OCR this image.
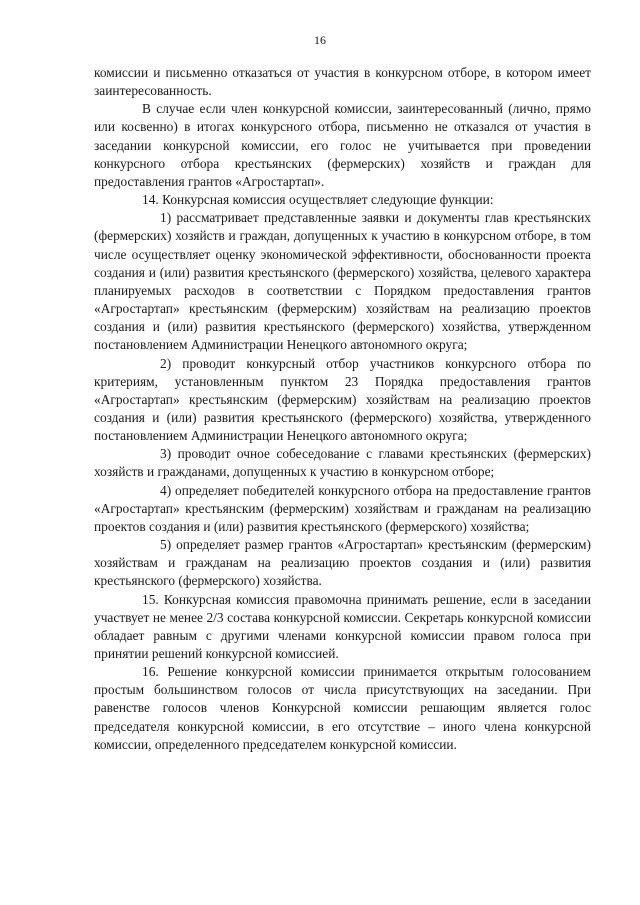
16

комиссии и письменно отказаться от участия в конкурсном отборе, в котором имеет заинтересованность.

В случае если член конкурсной комиссии, заинтересованный (лично, прямо или косвенно) в итогах конкурсного отбора, письменно не отказался от участия в заседании конкурсной комиссии, его голос не учитывается при проведении конкурсного отбора крестьянских (фермерских) хозяйств и граждан для предоставления грантов «Агростартап».

14. Конкурсная комиссия осуществляет следующие функции:

1) рассматривает представленные заявки и документы глав крестьянских (фермерских) хозяйств и граждан, допущенных к участию в конкурсном отборе, в том числе осуществляет оценку экономической эффективности, обоснованности проекта создания и (или) развития крестьянского (фермерского) хозяйства, целевого характера планируемых расходов в соответствии с Порядком предоставления грантов «Агростартап» крестьянским (фермерским) хозяйствам на реализацию проектов создания и (или) развития крестьянского (фермерского) хозяйства, утвержденном постановлением Администрации Ненецкого автономного округа;

2) проводит конкурсный отбор участников конкурсного отбора по критериям, установленным пунктом 23 Порядка предоставления грантов «Агростартап» крестьянским (фермерским) хозяйствам на реализацию проектов создания и (или) развития крестьянского (фермерского) хозяйства, утвержденного постановлением Администрации Ненецкого автономного округа;

3) проводит очное собеседование с главами крестьянских (фермерских) хозяйств и гражданами, допущенных к участию в конкурсном отборе;

4) определяет победителей конкурсного отбора на предоставление грантов «Агростартап» крестьянским (фермерским) хозяйствам и гражданам на реализацию проектов создания и (или) развития крестьянского (фермерского) хозяйства;

5) определяет размер грантов «Агростартап» крестьянским (фермерским) хозяйствам и гражданам на реализацию проектов создания и (или) развития крестьянского (фермерского) хозяйства.

15. Конкурсная комиссия правомочна принимать решение, если в заседании участвует не менее 2/3 состава конкурсной комиссии. Секретарь конкурсной комиссии обладает равным с другими членами конкурсной комиссии правом голоса при принятии решений конкурсной комиссией.

16. Решение конкурсной комиссии принимается открытым голосованием простым большинством голосов от числа присутствующих на заседании. При равенстве голосов членов Конкурсной комиссии решающим является голос председателя конкурсной комиссии, в его отсутствие – иного члена конкурсной комиссии, определенного председателем конкурсной комиссии.
